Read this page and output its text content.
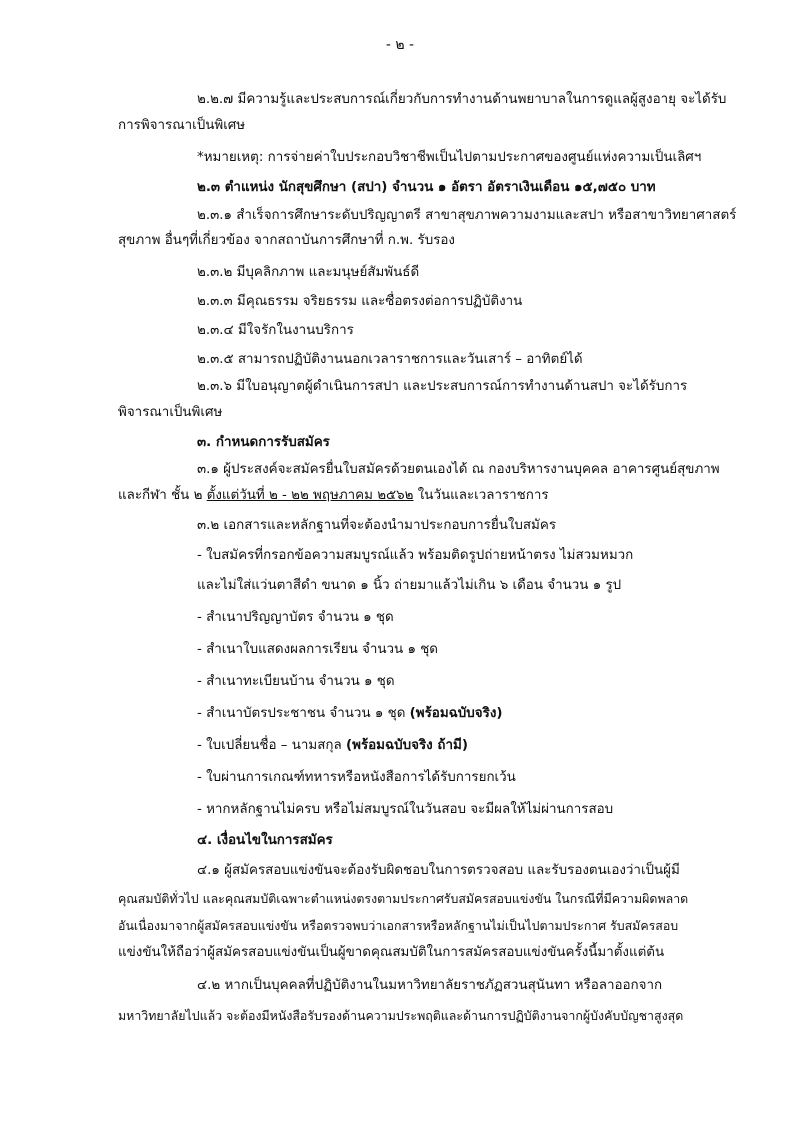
- ๒ -
๒.๒.๗ มีความรู้และประสบการณ์เกี่ยวกับการทำงานด้านพยาบาลในการดูแลผู้สูงอายุ จะได้รับ
การพิจารณาเป็นพิเศษ
*หมายเหตุ: การจ่ายค่าใบประกอบวิชาชีพเป็นไปตามประกาศของศูนย์แห่งความเป็นเลิศฯ
๒.๓ ตำแหน่ง นักสุขศึกษา (สปา) จำนวน ๑ อัตรา อัตราเงินเดือน ๑๕,๗๕๐ บาท
๒.๓.๑ สำเร็จการศึกษาระดับปริญญาตรี สาขาสุขภาพความงามและสปา หรือสาขาวิทยาศาสตร์
สุขภาพ อื่นๆที่เกี่ยวข้อง จากสถาบันการศึกษาที่ ก.พ. รับรอง
๒.๓.๒ มีบุคลิกภาพ และมนุษย์สัมพันธ์ดี
๒.๓.๓ มีคุณธรรม จริยธรรม และซื่อตรงต่อการปฏิบัติงาน
๒.๓.๔ มีใจรักในงานบริการ
๒.๓.๕ สามารถปฏิบัติงานนอกเวลาราชการและวันเสาร์ – อาทิตย์ได้
๒.๓.๖ มีใบอนุญาตผู้ดำเนินการสปา และประสบการณ์การทำงานด้านสปา จะได้รับการ
พิจารณาเป็นพิเศษ
๓. กำหนดการรับสมัคร
๓.๑ ผู้ประสงค์จะสมัครยื่นใบสมัครด้วยตนเองได้ ณ กองบริหารงานบุคคล อาคารศูนย์สุขภาพ
และกีฬา ชั้น ๒ ตั้งแต่วันที่ ๒ - ๒๒ พฤษภาคม ๒๕๖๒ ในวันและเวลาราชการ
๓.๒ เอกสารและหลักฐานที่จะต้องนำมาประกอบการยื่นใบสมัคร
- ใบสมัครที่กรอกข้อความสมบูรณ์แล้ว พร้อมติดรูปถ่ายหน้าตรง ไม่สวมหมวก
และไม่ใส่แว่นตาสีดำ ขนาด ๑ นิ้ว ถ่ายมาแล้วไม่เกิน ๖ เดือน จำนวน ๑ รูป
- สำเนาปริญญาบัตร จำนวน ๑ ชุด
- สำเนาใบแสดงผลการเรียน จำนวน ๑ ชุด
- สำเนาทะเบียนบ้าน จำนวน ๑ ชุด
- สำเนาบัตรประชาชน จำนวน ๑ ชุด (พร้อมฉบับจริง)
- ใบเปลี่ยนชื่อ – นามสกุล (พร้อมฉบับจริง ถ้ามี)
- ใบผ่านการเกณฑ์ทหารหรือหนังสือการได้รับการยกเว้น
- หากหลักฐานไม่ครบ หรือไม่สมบูรณ์ในวันสอบ จะมีผลให้ไม่ผ่านการสอบ
๔. เงื่อนไขในการสมัคร
๔.๑ ผู้สมัครสอบแข่งขันจะต้องรับผิดชอบในการตรวจสอบ และรับรองตนเองว่าเป็นผู้มี
คุณสมบัติทั่วไป และคุณสมบัติเฉพาะตำแหน่งตรงตามประกาศรับสมัครสอบแข่งขัน ในกรณีที่มีความผิดพลาด
อันเนื่องมาจากผู้สมัครสอบแข่งขัน หรือตรวจพบว่าเอกสารหรือหลักฐานไม่เป็นไปตามประกาศ รับสมัครสอบ
แข่งขันให้ถือว่าผู้สมัครสอบแข่งขันเป็นผู้ขาดคุณสมบัติในการสมัครสอบแข่งขันครั้งนี้มาตั้งแต่ต้น
๔.๒ หากเป็นบุคคลที่ปฏิบัติงานในมหาวิทยาลัยราชภัฏสวนสุนันทา หรือลาออกจาก
มหาวิทยาลัยไปแล้ว จะต้องมีหนังสือรับรองด้านความประพฤติและด้านการปฏิบัติงานจากผู้บังคับบัญชาสูงสุด
